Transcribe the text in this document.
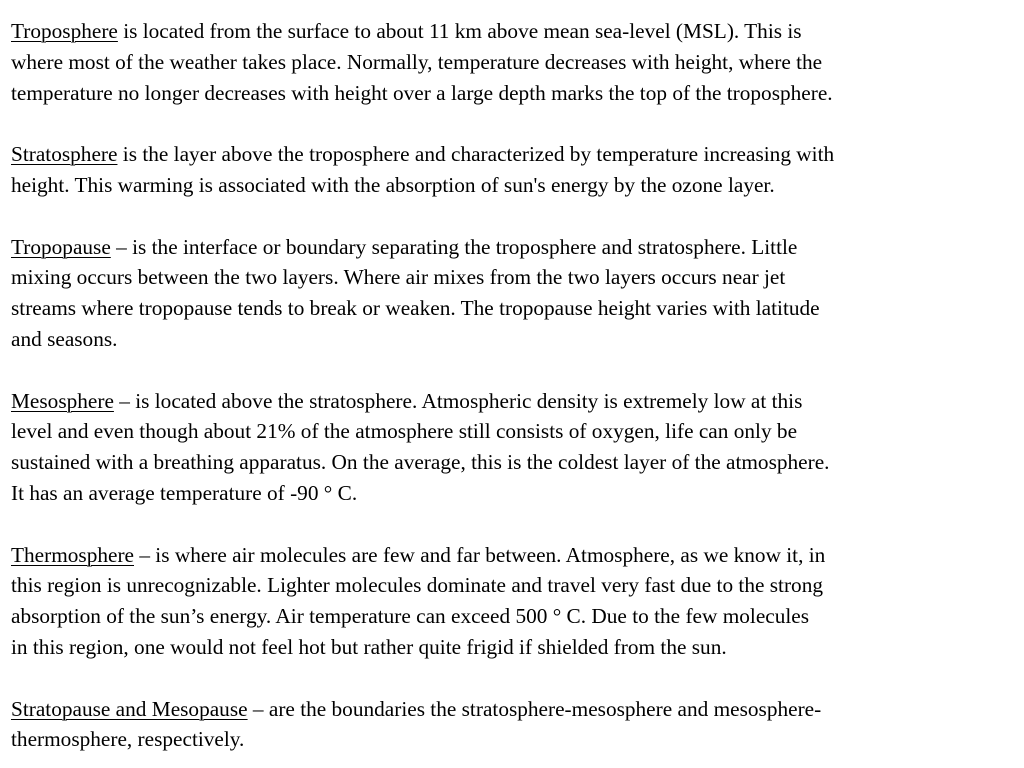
Troposphere is located from the surface to about 11 km above mean sea-level (MSL). This is
where most of the weather takes place. Normally, temperature decreases with height, where the
temperature no longer decreases with height over a large depth marks the top of the troposphere.

Stratosphere is the layer above the troposphere and characterized by temperature increasing with
height. This warming is associated with the absorption of sun's energy by the ozone layer.

Tropopause – is the interface or boundary separating the troposphere and stratosphere. Little
mixing occurs between the two layers. Where air mixes from the two layers occurs near jet
streams where tropopause tends to break or weaken. The tropopause height varies with latitude
and seasons.

Mesosphere – is located above the stratosphere. Atmospheric density is extremely low at this
level and even though about 21% of the atmosphere still consists of oxygen, life can only be
sustained with a breathing apparatus. On the average, this is the coldest layer of the atmosphere.
It has an average temperature of -90 ° C.

Thermosphere – is where air molecules are few and far between. Atmosphere, as we know it, in
this region is unrecognizable. Lighter molecules dominate and travel very fast due to the strong
absorption of the sun’s energy. Air temperature can exceed 500 ° C. Due to the few molecules
in this region, one would not feel hot but rather quite frigid if shielded from the sun.

Stratopause and Mesopause – are the boundaries the stratosphere-mesosphere and mesosphere-
thermosphere, respectively.
